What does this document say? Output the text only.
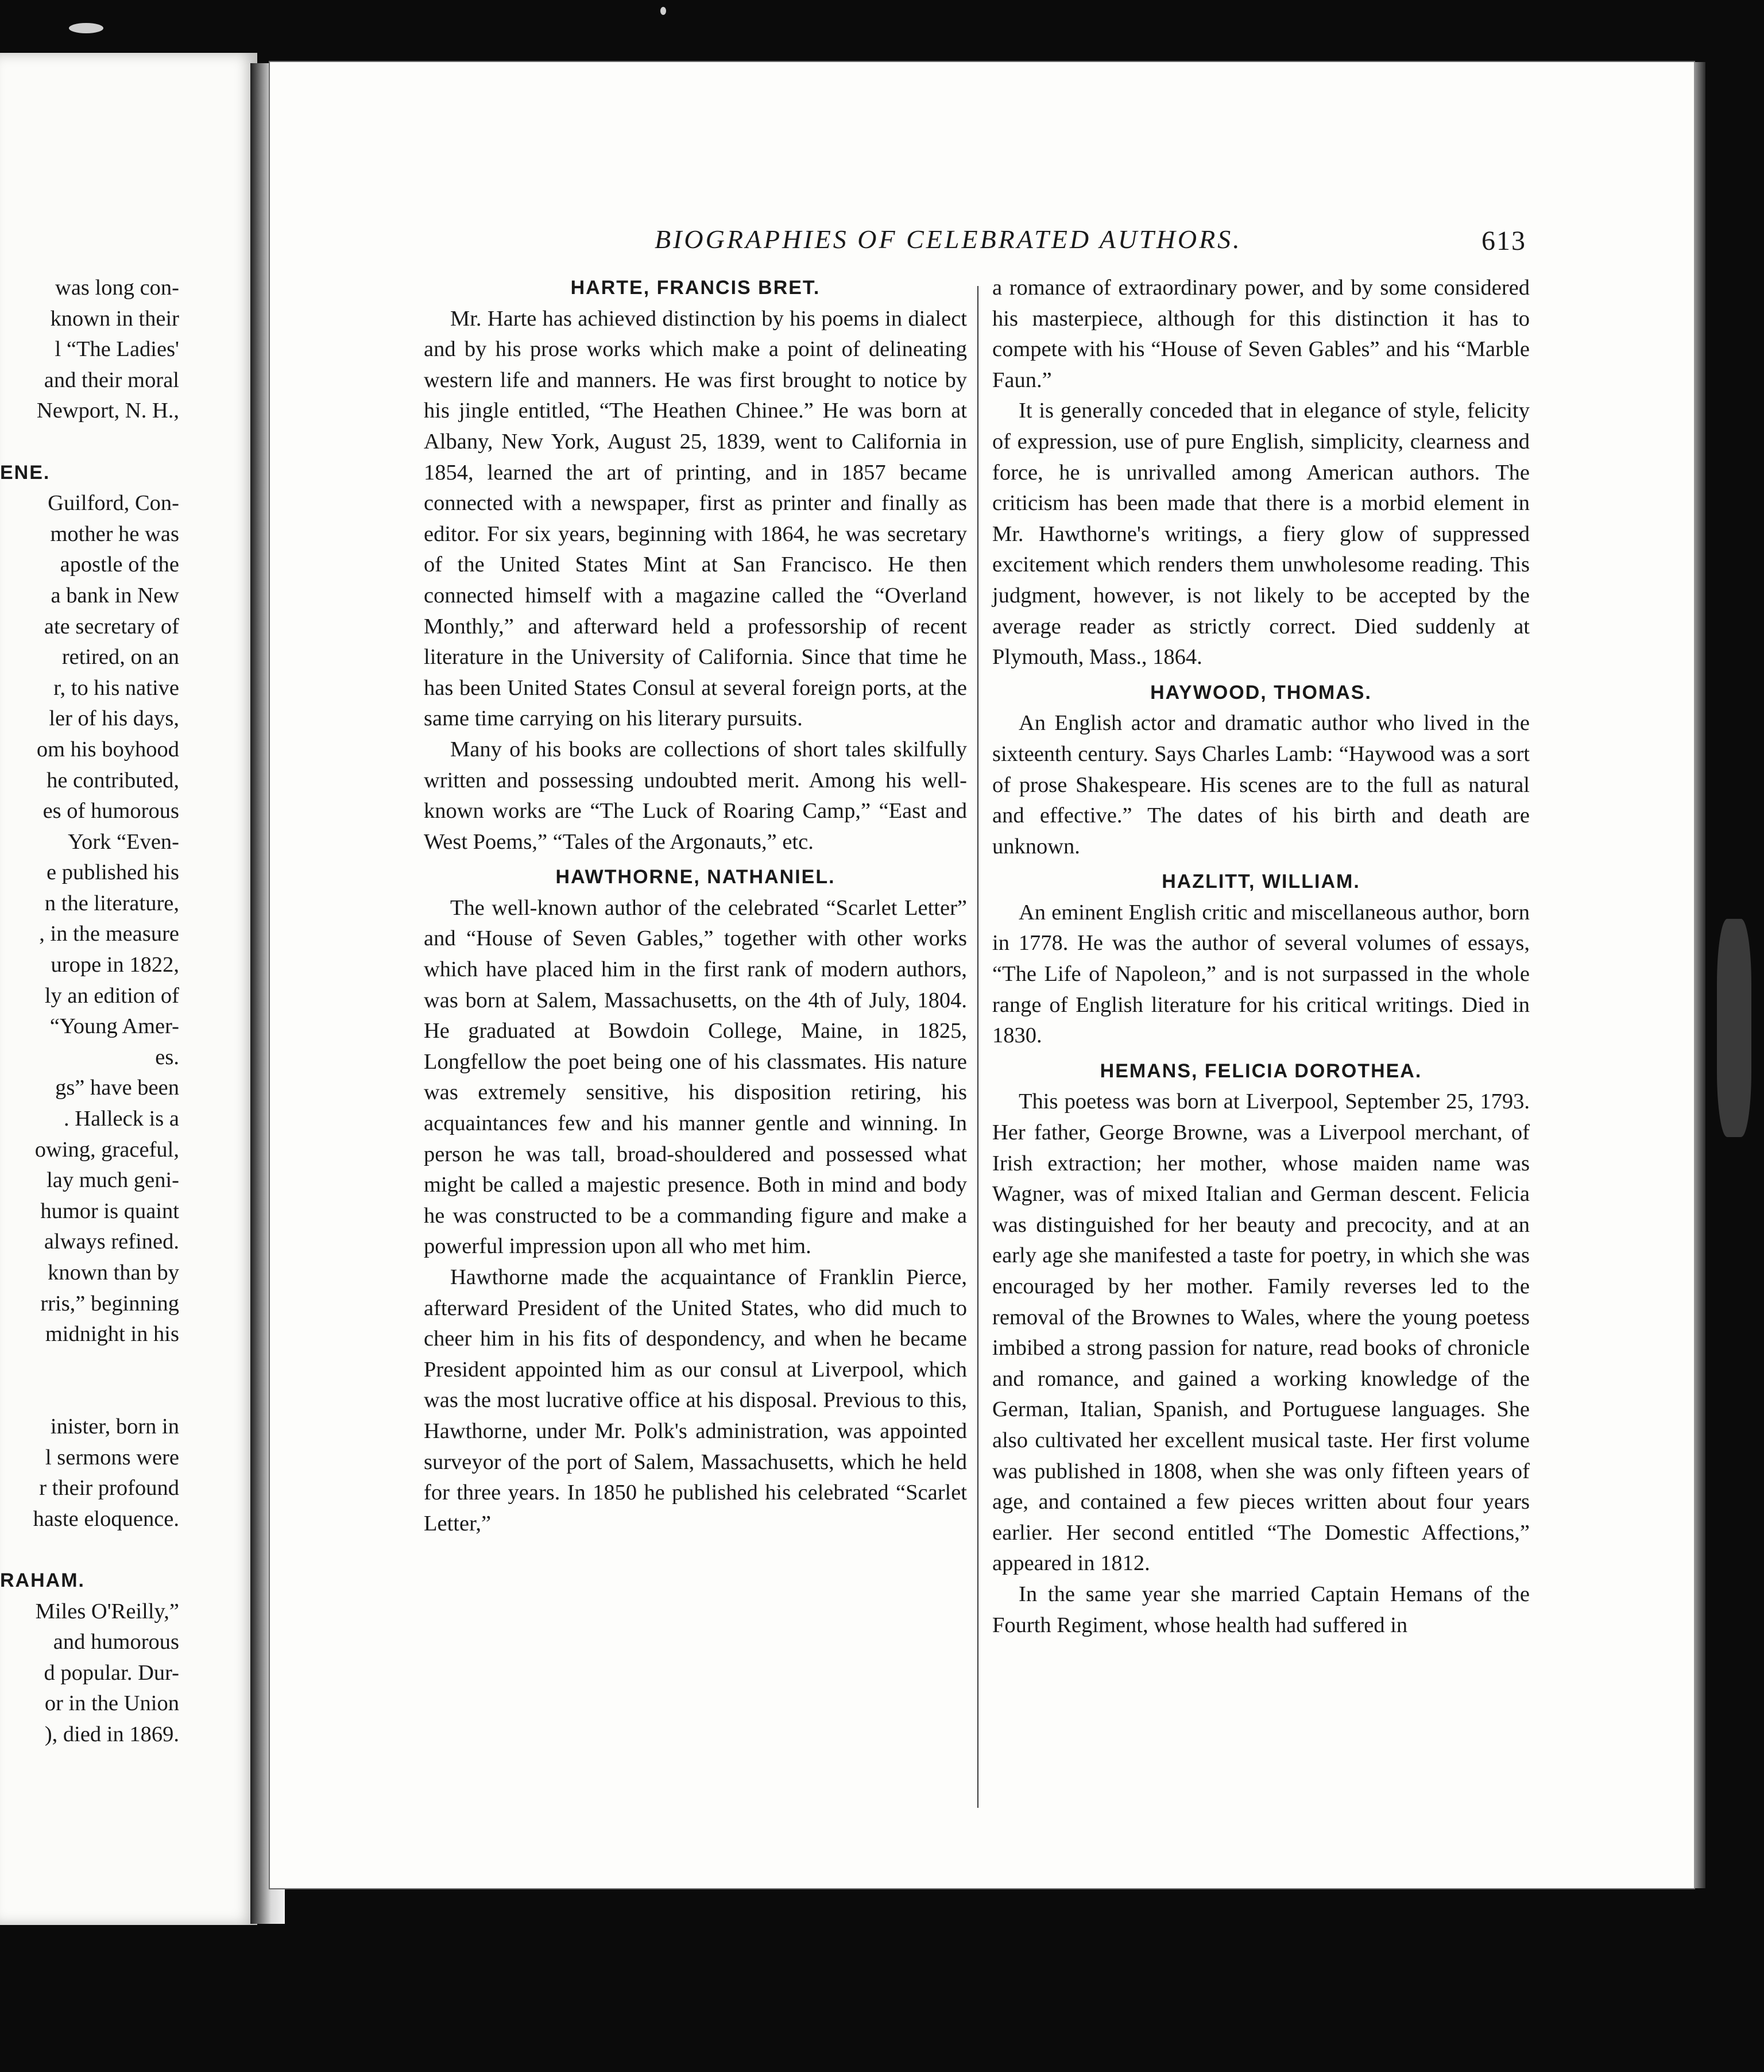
was long con-
known in their
l “The Ladies'
and their moral
Newport, N. H.,
ENE.
Guilford, Con-
mother he was
apostle of the
a bank in New
ate secretary of
retired, on an
r, to his native
ler of his days,
om his boyhood
he contributed,
es of humorous
York “Even-
e published his
n the literature,
, in the measure
urope in 1822,
ly an edition of
“Young Amer-
es.
gs” have been
. Halleck is a
owing, graceful,
lay much geni-
humor is quaint
always refined.
known than by
rris,” beginning
midnight in his
inister, born in
l sermons were
r their profound
haste eloquence.
RAHAM.
Miles O'Reilly,”
and humorous
d popular. Dur-
or in the Union
), died in 1869.
BIOGRAPHIES OF CELEBRATED AUTHORS.	613
HARTE, FRANCIS BRET.

Mr. Harte has achieved distinction by his poems in dialect and by his prose works which make a point of delineating western life and manners. He was first brought to notice by his jingle entitled, “The Heathen Chinee.” He was born at Albany, New York, August 25, 1839, went to California in 1854, learned the art of printing, and in 1857 became connected with a newspaper, first as printer and finally as editor. For six years, beginning with 1864, he was secretary of the United States Mint at San Francisco. He then connected himself with a magazine called the “Overland Monthly,” and afterward held a professorship of recent literature in the University of California. Since that time he has been United States Consul at several foreign ports, at the same time carrying on his literary pursuits.

Many of his books are collections of short tales skilfully written and possessing undoubted merit. Among his well-known works are “The Luck of Roaring Camp,” “East and West Poems,” “Tales of the Argonauts,” etc.

HAWTHORNE, NATHANIEL.

The well-known author of the celebrated “Scarlet Letter” and “House of Seven Gables,” together with other works which have placed him in the first rank of modern authors, was born at Salem, Massachusetts, on the 4th of July, 1804. He graduated at Bowdoin College, Maine, in 1825, Longfellow the poet being one of his classmates. His nature was extremely sensitive, his disposition retiring, his acquaintances few and his manner gentle and winning. In person he was tall, broad-shouldered and possessed what might be called a majestic presence. Both in mind and body he was constructed to be a commanding figure and make a powerful impression upon all who met him.

Hawthorne made the acquaintance of Franklin Pierce, afterward President of the United States, who did much to cheer him in his fits of despondency, and when he became President appointed him as our consul at Liverpool, which was the most lucrative office at his disposal. Previous to this, Hawthorne, under Mr. Polk's administration, was appointed surveyor of the port of Salem, Massachusetts, which he held for three years. In 1850 he published his celebrated “Scarlet Letter,”

a romance of extraordinary power, and by some considered his masterpiece, although for this distinction it has to compete with his “House of Seven Gables” and his “Marble Faun.”

It is generally conceded that in elegance of style, felicity of expression, use of pure English, simplicity, clearness and force, he is unrivalled among American authors. The criticism has been made that there is a morbid element in Mr. Hawthorne's writings, a fiery glow of suppressed excitement which renders them unwholesome reading. This judgment, however, is not likely to be accepted by the average reader as strictly correct. Died suddenly at Plymouth, Mass., 1864.

HAYWOOD, THOMAS.

An English actor and dramatic author who lived in the sixteenth century. Says Charles Lamb: “Haywood was a sort of prose Shakespeare. His scenes are to the full as natural and effective.” The dates of his birth and death are unknown.

HAZLITT, WILLIAM.

An eminent English critic and miscellaneous author, born in 1778. He was the author of several volumes of essays, “The Life of Napoleon,” and is not surpassed in the whole range of English literature for his critical writings. Died in 1830.

HEMANS, FELICIA DOROTHEA.

This poetess was born at Liverpool, September 25, 1793. Her father, George Browne, was a Liverpool merchant, of Irish extraction; her mother, whose maiden name was Wagner, was of mixed Italian and German descent. Felicia was distinguished for her beauty and precocity, and at an early age she manifested a taste for poetry, in which she was encouraged by her mother. Family reverses led to the removal of the Brownes to Wales, where the young poetess imbibed a strong passion for nature, read books of chronicle and romance, and gained a working knowledge of the German, Italian, Spanish, and Portuguese languages. She also cultivated her excellent musical taste. Her first volume was published in 1808, when she was only fifteen years of age, and contained a few pieces written about four years earlier. Her second entitled “The Domestic Affections,” appeared in 1812.

In the same year she married Captain Hemans of the Fourth Regiment, whose health had suffered in
